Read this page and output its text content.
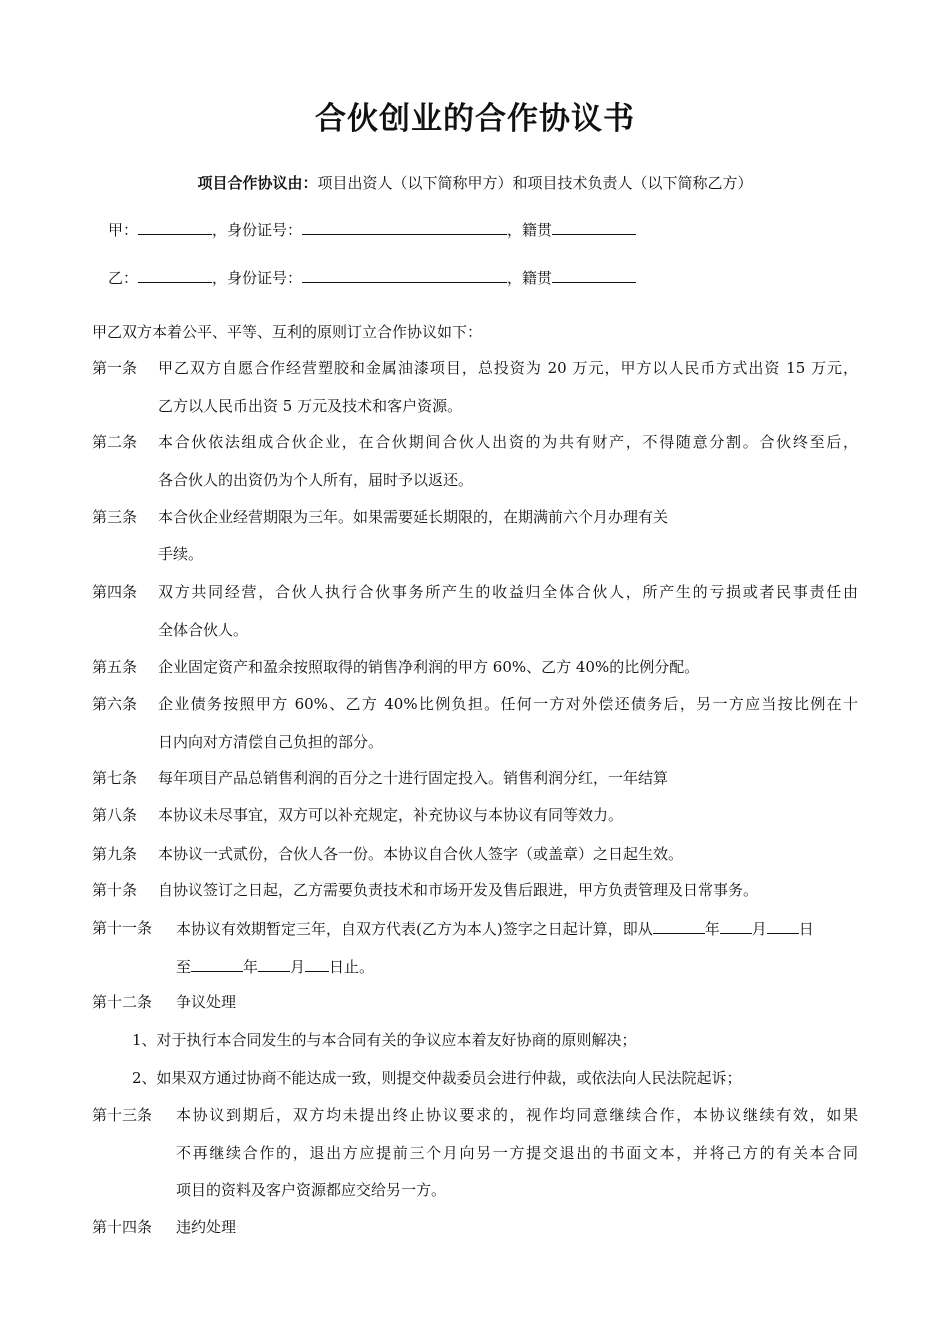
合伙创业的合作协议书
项目合作协议由：项目出资人（以下简称甲方）和项目技术负责人（以下简称乙方）
甲：	，身份证号：	，籍贯
乙：	，身份证号：	，籍贯
甲乙双方本着公平、平等、互利的原则订立合作协议如下：
第一条 甲乙双方自愿合作经营塑胶和金属油漆项目，总投资为 20 万元，甲方以人民币方式出资 15 万元，
乙方以人民币出资 5 万元及技术和客户资源。
第二条 本合伙依法组成合伙企业，在合伙期间合伙人出资的为共有财产，不得随意分割。合伙终至后，
各合伙人的出资仍为个人所有，届时予以返还。
第三条 本合伙企业经营期限为三年。如果需要延长期限的，在期满前六个月办理有关
手续。
第四条 双方共同经营，合伙人执行合伙事务所产生的收益归全体合伙人，所产生的亏损或者民事责任由
全体合伙人。
第五条 企业固定资产和盈余按照取得的销售净利润的甲方 60%、乙方 40%的比例分配。
第六条 企业债务按照甲方 60%、乙方 40%比例负担。任何一方对外偿还债务后，另一方应当按比例在十
日内向对方清偿自己负担的部分。
第七条 每年项目产品总销售利润的百分之十进行固定投入。销售利润分红，一年结算
第八条 本协议未尽事宜，双方可以补充规定，补充协议与本协议有同等效力。
第九条 本协议一式贰份，合伙人各一份。本协议自合伙人签字（或盖章）之日起生效。
第十条 自协议签订之日起，乙方需要负责技术和市场开发及售后跟进，甲方负责管理及日常事务。
第十一条 本协议有效期暂定三年，自双方代表(乙方为本人)签字之日起计算，即从	年 月 日
至	年 月 日止。
第十二条 争议处理
1、对于执行本合同发生的与本合同有关的争议应本着友好协商的原则解决；
2、如果双方通过协商不能达成一致，则提交仲裁委员会进行仲裁，或依法向人民法院起诉；
第十三条 本协议到期后，双方均未提出终止协议要求的，视作均同意继续合作，本协议继续有效，如果
不再继续合作的，退出方应提前三个月向另一方提交退出的书面文本，并将己方的有关本合同
项目的资料及客户资源都应交给另一方。
第十四条 违约处理
